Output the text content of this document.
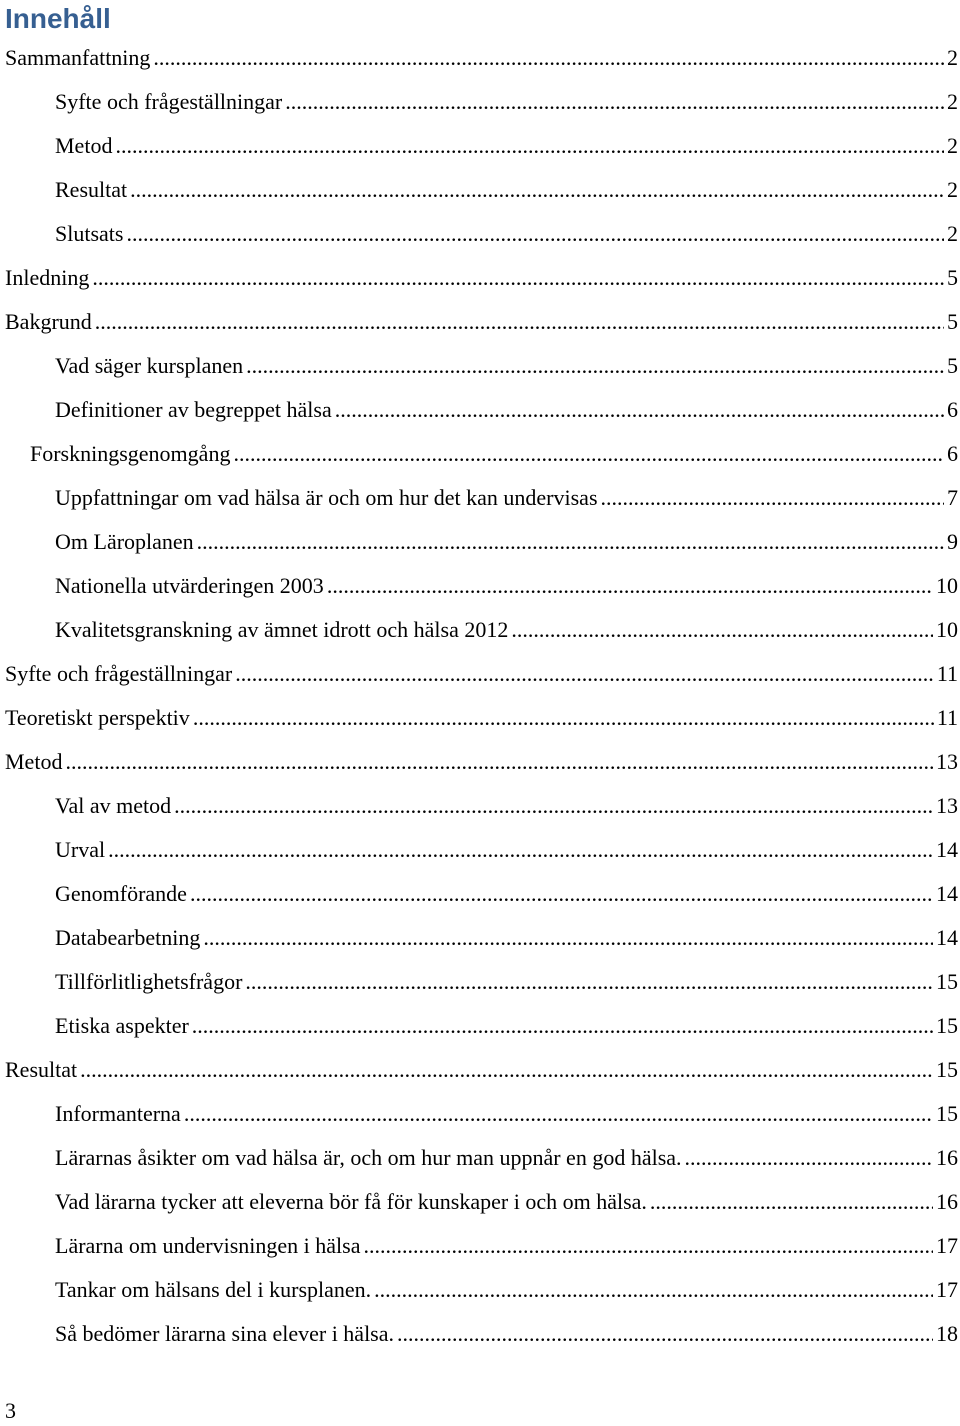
Innehåll
Sammanfattning .....	2
Syfte och frågeställningar .....	2
Metod .....	2
Resultat .....	2
Slutsats .....	2
Inledning .....	5
Bakgrund .....	5
Vad säger kursplanen .....	5
Definitioner av begreppet hälsa .....	6
Forskningsgenomgång .....	6
Uppfattningar om vad hälsa är och om hur det kan undervisas .....	7
Om Läroplanen .....	9
Nationella utvärderingen 2003 .....	10
Kvalitetsgranskning av ämnet idrott och hälsa 2012 .....	10
Syfte och frågeställningar .....	11
Teoretiskt perspektiv .....	11
Metod .....	13
Val av metod .....	13
Urval .....	14
Genomförande .....	14
Databearbetning .....	14
Tillförlitlighetsfrågor .....	15
Etiska aspekter .....	15
Resultat .....	15
Informanterna .....	15
Lärarnas åsikter om vad hälsa är, och om hur man uppnår en god hälsa. .....	16
Vad lärarna tycker att eleverna bör få för kunskaper i och om hälsa. .....	16
Lärarna om undervisningen i hälsa .....	17
Tankar om hälsans del i kursplanen. .....	17
Så bedömer lärarna sina elever i hälsa. .....	18
3
